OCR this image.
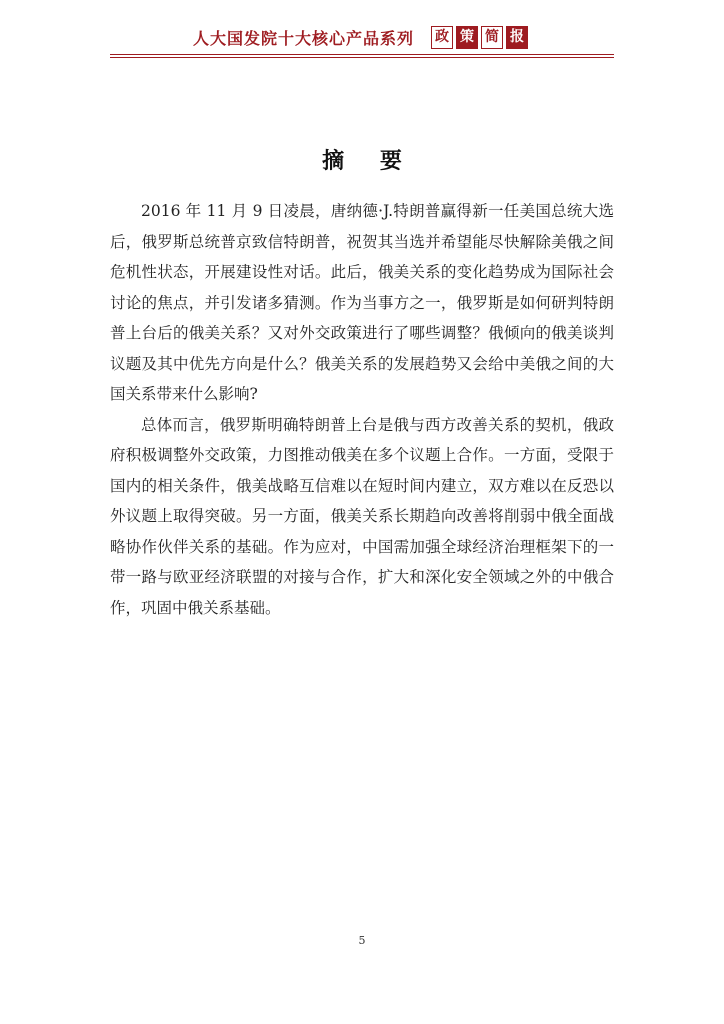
人大国发院十大核心产品系列 政 策 简 报
摘 要

2016 年 11 月 9 日凌晨，唐纳德·J.特朗普赢得新一任美国总统大选后，俄罗斯总统普京致信特朗普，祝贺其当选并希望能尽快解除美俄之间危机性状态，开展建设性对话。此后，俄美关系的变化趋势成为国际社会讨论的焦点，并引发诸多猜测。作为当事方之一，俄罗斯是如何研判特朗普上台后的俄美关系？又对外交政策进行了哪些调整？俄倾向的俄美谈判议题及其中优先方向是什么？俄美关系的发展趋势又会给中美俄之间的大国关系带来什么影响?

总体而言，俄罗斯明确特朗普上台是俄与西方改善关系的契机，俄政府积极调整外交政策，力图推动俄美在多个议题上合作。一方面，受限于国内的相关条件，俄美战略互信难以在短时间内建立，双方难以在反恐以外议题上取得突破。另一方面，俄美关系长期趋向改善将削弱中俄全面战略协作伙伴关系的基础。作为应对，中国需加强全球经济治理框架下的一带一路与欧亚经济联盟的对接与合作，扩大和深化安全领域之外的中俄合作，巩固中俄关系基础。

5
